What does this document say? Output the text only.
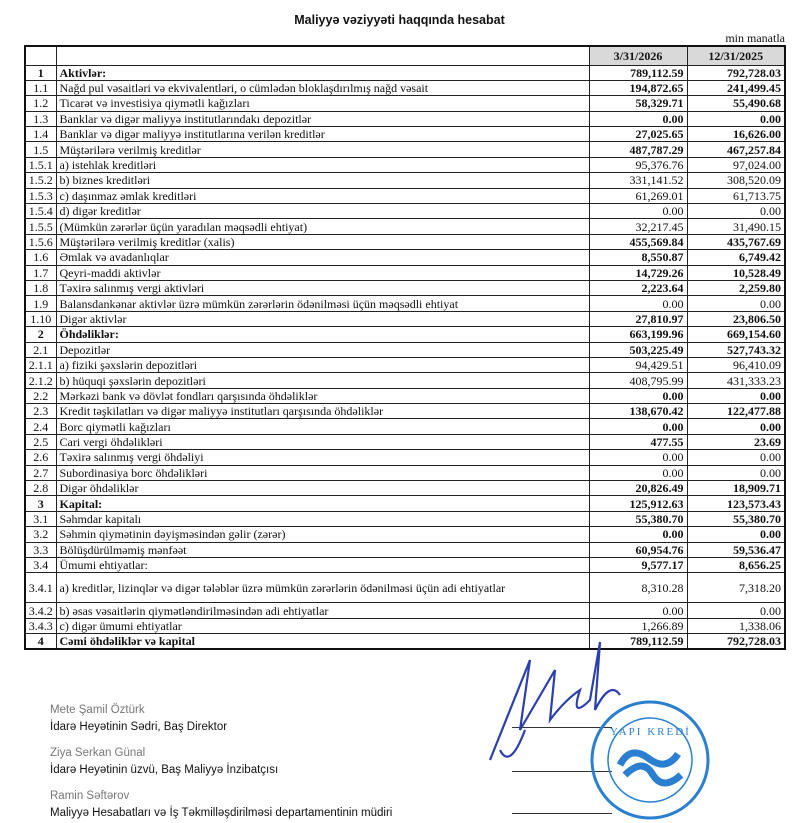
Maliyyə vəziyyəti haqqında hesabat
min manatla
		3/31/2026	12/31/2025
1	Aktivlər:	789,112.59	792,728.03
1.1	Nağd pul vəsaitləri və ekvivalentləri, o cümlədən bloklaşdırılmış nağd vəsait	194,872.65	241,499.45
1.2	Ticarət və investisiya qiymətli kağızları	58,329.71	55,490.68
1.3	Banklar və digər maliyyə institutlarındakı depozitlər	0.00	0.00
1.4	Banklar və digər maliyyə institutlarına verilən kreditlər	27,025.65	16,626.00
1.5	Müştərilərə verilmiş kreditlər	487,787.29	467,257.84
1.5.1	a) istehlak kreditləri	95,376.76	97,024.00
1.5.2	b) biznes kreditləri	331,141.52	308,520.09
1.5.3	c) daşınmaz əmlak kreditləri	61,269.01	61,713.75
1.5.4	d) digər kreditlər	0.00	0.00
1.5.5	(Mümkün zərərlər üçün yaradılan məqsədli ehtiyat)	32,217.45	31,490.15
1.5.6	Müştərilərə verilmiş kreditlər (xalis)	455,569.84	435,767.69
1.6	Əmlak və avadanlıqlar	8,550.87	6,749.42
1.7	Qeyri-maddi aktivlər	14,729.26	10,528.49
1.8	Təxirə salınmış vergi aktivləri	2,223.64	2,259.80
1.9	Balansdankənar aktivlər üzrə mümkün zərərlərin ödənilməsi üçün məqsədli ehtiyat	0.00	0.00
1.10	Digər aktivlər	27,810.97	23,806.50
2	Öhdəliklər:	663,199.96	669,154.60
2.1	Depozitlər	503,225.49	527,743.32
2.1.1	a) fiziki şəxslərin depozitləri	94,429.51	96,410.09
2.1.2	b) hüquqi şəxslərin depozitləri	408,795.99	431,333.23
2.2	Mərkəzi bank və dövlət fondları qarşısında öhdəliklər	0.00	0.00
2.3	Kredit təşkilatları və digər maliyyə institutları qarşısında öhdəliklər	138,670.42	122,477.88
2.4	Borc qiymətli kağızları	0.00	0.00
2.5	Cari vergi öhdəlikləri	477.55	23.69
2.6	Təxirə salınmış vergi öhdəliyi	0.00	0.00
2.7	Subordinasiya borc öhdəlikləri	0.00	0.00
2.8	Digər öhdəliklər	20,826.49	18,909.71
3	Kapital:	125,912.63	123,573.43
3.1	Səhmdar kapitalı	55,380.70	55,380.70
3.2	Səhmin qiymətinin dəyişməsindən gəlir (zərər)	0.00	0.00
3.3	Bölüşdürülməmiş mənfəət	60,954.76	59,536.47
3.4	Ümumi ehtiyatlar:	9,577.17	8,656.25
3.4.1	a) kreditlər, lizinqlər və digər tələblər üzrə mümkün zərərlərin ödənilməsi üçün adi ehtiyatlar	8,310.28	7,318.20
3.4.2	b) əsas vəsaitlərin qiymətləndirilməsindən adi ehtiyatlar	0.00	0.00
3.4.3	c) digər ümumi ehtiyatlar	1,266.89	1,338.06
4	Cəmi öhdəliklər və kapital	789,112.59	792,728.03
Mete Şamil Öztürk
İdarə Heyətinin Sədri, Baş Direktor
Ziya Serkan Günal
İdarə Heyətinin üzvü, Baş Maliyyə İnzibatçısı
Ramin Səftərov
Maliyyə Hesabatları və İş Təkmilləşdirilməsi departamentinin müdiri
YAPI KREDİ
